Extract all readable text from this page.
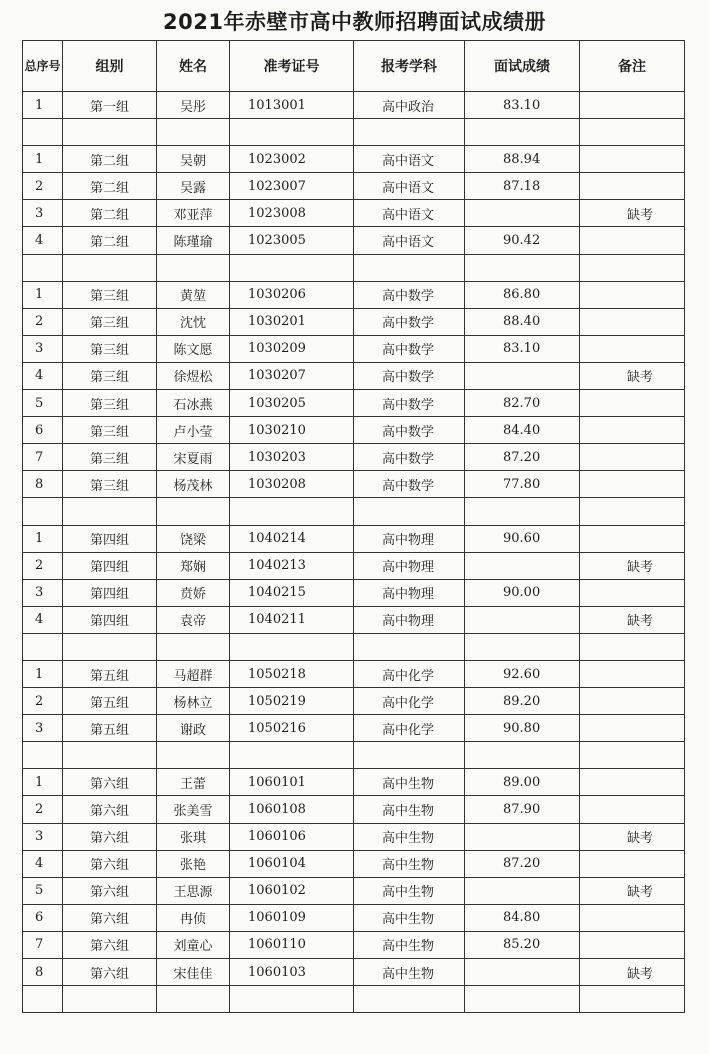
2021年赤壁市高中教师招聘面试成绩册
总序号	组别	姓名	准考证号	报考学科	面试成绩	备注
1	第一组	吴彤	1013001	高中政治	83.10	

1	第二组	吴朝	1023002	高中语文	88.94	
2	第二组	吴露	1023007	高中语文	87.18	
3	第二组	邓亚萍	1023008	高中语文		缺考
4	第二组	陈瑾瑜	1023005	高中语文	90.42	

1	第三组	黄堃	1030206	高中数学	86.80	
2	第三组	沈忱	1030201	高中数学	88.40	
3	第三组	陈文愿	1030209	高中数学	83.10	
4	第三组	徐煜松	1030207	高中数学		缺考
5	第三组	石冰燕	1030205	高中数学	82.70	
6	第三组	卢小莹	1030210	高中数学	84.40	
7	第三组	宋夏雨	1030203	高中数学	87.20	
8	第三组	杨茂林	1030208	高中数学	77.80	

1	第四组	饶梁	1040214	高中物理	90.60	
2	第四组	郑娴	1040213	高中物理		缺考
3	第四组	贲娇	1040215	高中物理	90.00	
4	第四组	袁帝	1040211	高中物理		缺考

1	第五组	马超群	1050218	高中化学	92.60	
2	第五组	杨林立	1050219	高中化学	89.20	
3	第五组	谢政	1050216	高中化学	90.80	

1	第六组	王蕾	1060101	高中生物	89.00	
2	第六组	张美雪	1060108	高中生物	87.90	
3	第六组	张琪	1060106	高中生物		缺考
4	第六组	张艳	1060104	高中生物	87.20	
5	第六组	王思源	1060102	高中生物		缺考
6	第六组	冉侦	1060109	高中生物	84.80	
7	第六组	刘童心	1060110	高中生物	85.20	
8	第六组	宋佳佳	1060103	高中生物		缺考
